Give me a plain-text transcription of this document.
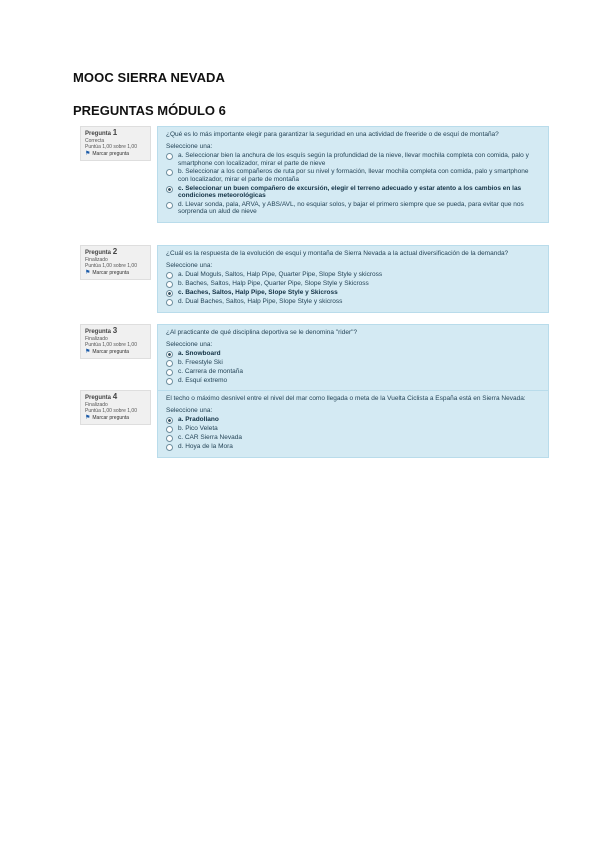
MOOC SIERRA NEVADA
PREGUNTAS MÓDULO 6
Pregunta 1
Correcta
Puntúa 1,00 sobre 1,00
⚑ Marcar pregunta
¿Qué es lo más importante elegir para garantizar la seguridad en una actividad de freeride o de esquí de montaña?
Seleccione una:
a. Seleccionar bien la anchura de los esquís según la profundidad de la nieve, llevar mochila completa con comida, palo y smartphone con localizador, mirar el parte de nieve
b. Seleccionar a los compañeros de ruta por su nivel y formación, llevar mochila completa con comida, palo y smartphone con localizador, mirar el parte de montaña
c. Seleccionar un buen compañero de excursión, elegir el terreno adecuado y estar atento a los cambios en las condiciones meteorológicas
d. Llevar sonda, pala, ARVA, y ABS/AVL, no esquiar solos, y bajar el primero siempre que se pueda, para evitar que nos sorprenda un alud de nieve
Pregunta 2
Finalizado
Puntúa 1,00 sobre 1,00
⚑ Marcar pregunta
¿Cuál es la respuesta de la evolución de esquí y montaña de Sierra Nevada a la actual diversificación de la demanda?
Seleccione una:
a. Dual Moguls, Saltos, Halp Pipe, Quarter Pipe, Slope Style y skicross
b. Baches, Saltos, Halp Pipe, Quarter Pipe, Slope Style y Skicross
c. Baches, Saltos, Halp Pipe, Slope Style y Skicross
d. Dual Baches, Saltos, Halp Pipe, Slope Style y skicross
Pregunta 3
Finalizado
Puntúa 1,00 sobre 1,00
⚑ Marcar pregunta
¿Al practicante de qué disciplina deportiva se le denomina "rider"?
Seleccione una:
a. Snowboard
b. Freestyle Ski
c. Carrera de montaña
d. Esquí extremo
Pregunta 4
Finalizado
Puntúa 1,00 sobre 1,00
⚑ Marcar pregunta
El techo o máximo desnivel entre el nivel del mar como llegada o meta de la Vuelta Ciclista a España está en Sierra Nevada:
Seleccione una:
a. Pradollano
b. Pico Veleta
c. CAR Sierra Nevada
d. Hoya de la Mora
